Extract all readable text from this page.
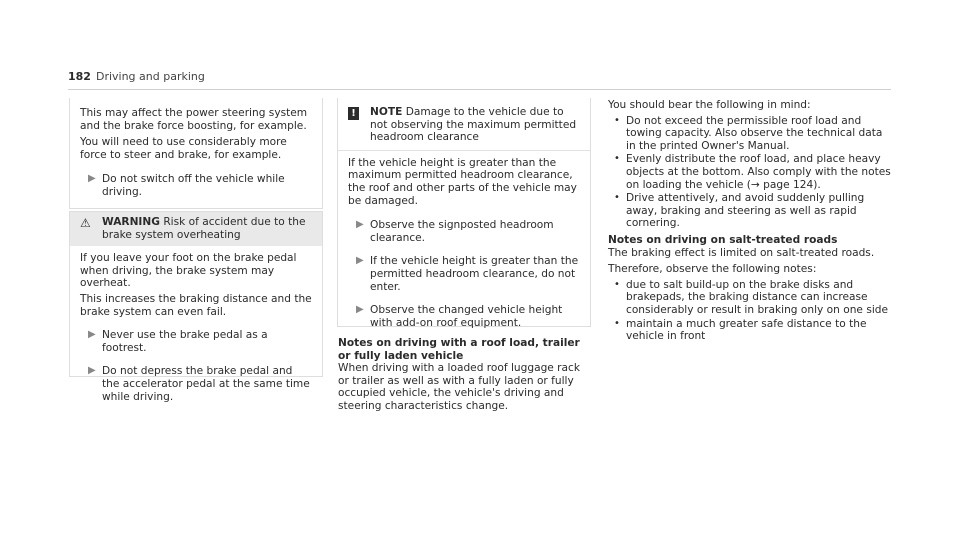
182 Driving and parking

This may affect the power steering system and the brake force boosting, for example.

You will need to use considerably more force to steer and brake, for example.

▶ Do not switch off the vehicle while driving.
⚠	WARNING Risk of accident due to the brake system overheating

If you leave your foot on the brake pedal when driving, the brake system may overheat.

This increases the braking distance and the brake system can even fail.

▶ Never use the brake pedal as a footrest.
▶ Do not depress the brake pedal and the accelerator pedal at the same time while driving.
!	NOTE Damage to the vehicle due to not observing the maximum permitted headroom clearance

If the vehicle height is greater than the maximum permitted headroom clearance, the roof and other parts of the vehicle may be damaged.

▶ Observe the signposted headroom clearance.
▶ If the vehicle height is greater than the permitted headroom clearance, do not enter.
▶ Observe the changed vehicle height with add-on roof equipment.
Notes on driving with a roof load, trailer or fully laden vehicle

When driving with a loaded roof luggage rack or trailer as well as with a fully laden or fully occupied vehicle, the vehicle's driving and steering characteristics change.

You should bear the following in mind:

• Do not exceed the permissible roof load and towing capacity. Also observe the technical data in the printed Owner's Manual.
• Evenly distribute the roof load, and place heavy objects at the bottom. Also comply with the notes on loading the vehicle (→ page 124).
• Drive attentively, and avoid suddenly pulling away, braking and steering as well as rapid cornering.
Notes on driving on salt-treated roads

The braking effect is limited on salt-treated roads.

Therefore, observe the following notes:

• due to salt build-up on the brake disks and brakepads, the braking distance can increase considerably or result in braking only on one side
• maintain a much greater safe distance to the vehicle in front
